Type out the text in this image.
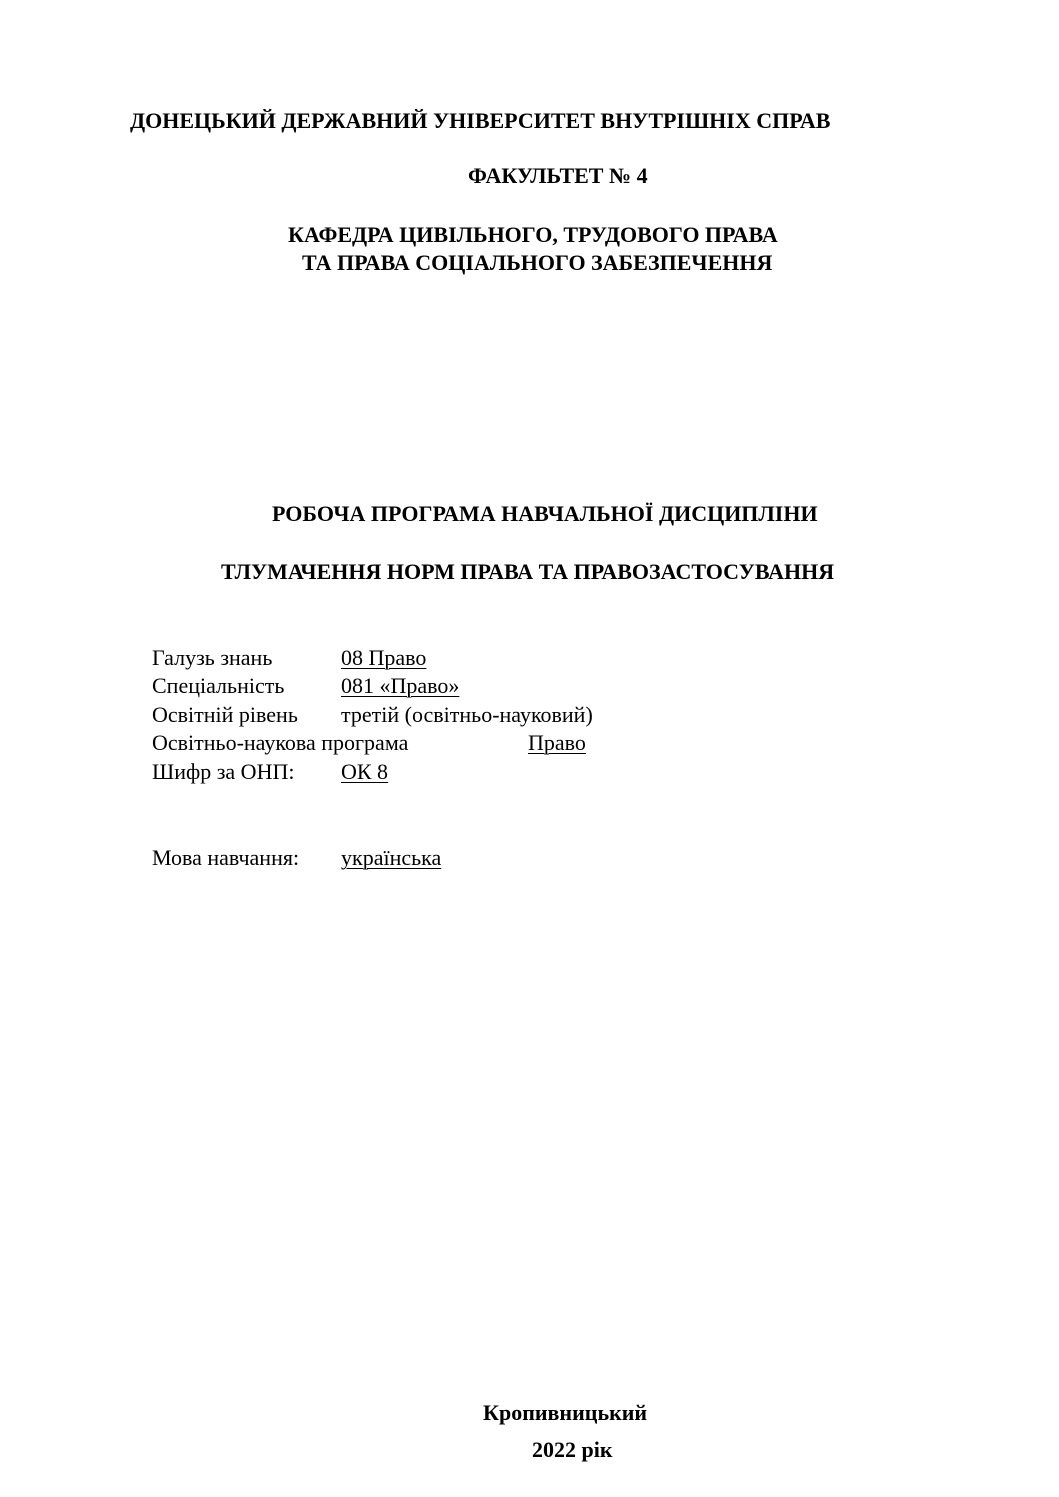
ДОНЕЦЬКИЙ ДЕРЖАВНИЙ УНІВЕРСИТЕТ ВНУТРІШНІХ СПРАВ
ФАКУЛЬТЕТ № 4
КАФЕДРА ЦИВІЛЬНОГО, ТРУДОВОГО ПРАВА
ТА ПРАВА СОЦІАЛЬНОГО ЗАБЕЗПЕЧЕННЯ
РОБОЧА ПРОГРАМА НАВЧАЛЬНОЇ ДИСЦИПЛІНИ
ТЛУМАЧЕННЯ НОРМ ПРАВА ТА ПРАВОЗАСТОСУВАННЯ
Галузь знань	08 Право
Спеціальність	081 «Право»
Освітній рівень третій (освітньо-науковий)
Освітньо-наукова програма	Право
Шифр за ОНП: ОК 8
Мова навчання: українська
Кропивницький
2022 рік
